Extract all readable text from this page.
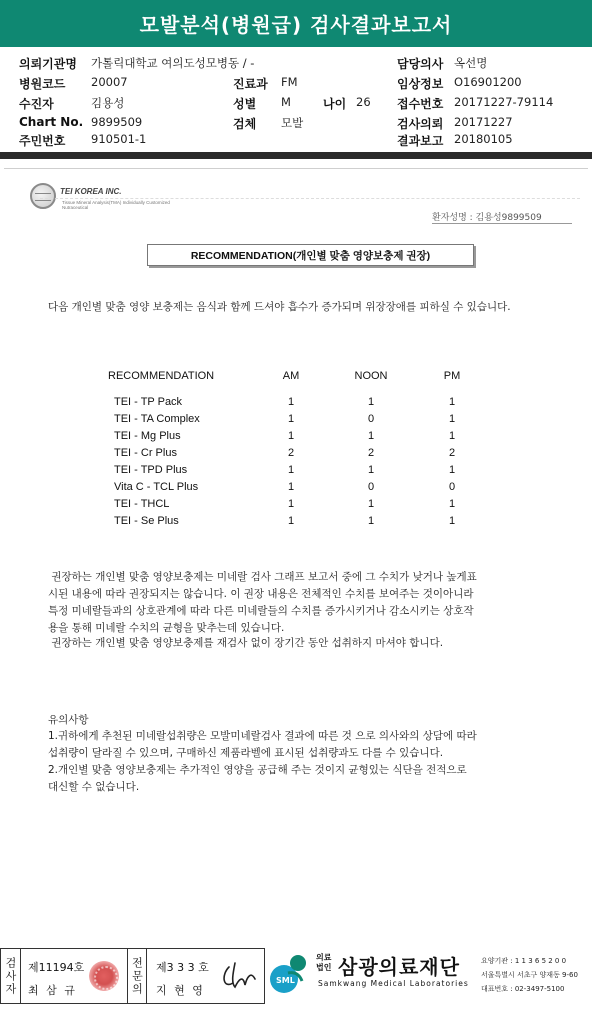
모발분석(병원급) 검사결과보고서
의뢰기관명 가톨릭대학교 여의도성모병동 / -
병원코드 20007
수진자	김용성
Chart No. 9899509
주민번호 910501-1
진료과 FM
성별 M	나이 26
검체 모발
담당의사 옥선명
임상정보 O16901200
접수번호 20171227-79114
검사의뢰 20171227
결과보고 20180105
TEI KOREA INC.
Tissue Mineral Analysis(TMA) Individually Customized Nutraceutical
환자성명 : 김용성9899509
RECOMMENDATION(개인별 맞춤 영양보충제 권장)
다음 개인별 맞춤 영양 보충제는 음식과 함께 드셔야 흡수가 증가되며 위장장애를 피하실 수 있습니다.
RECOMMENDATION	AM	NOON	PM
TEI - TP Pack	1	1	1
TEI - TA Complex	1	0	1
TEI - Mg Plus	1	1	1
TEI - Cr Plus	2	2	2
TEI - TPD Plus	1	1	1
Vita C - TCL Plus	1	0	0
TEI - THCL	1	1	1
TEI - Se Plus	1	1	1
권장하는 개인별 맞춤 영양보충제는 미네랄 검사 그래프 보고서 중에 그 수치가 낮거나 높게표
시된 내용에 따라 권장되지는 않습니다. 이 권장 내용은 전체적인 수치를 보여주는 것이아니라
특정 미네랄들과의 상호관계에 따라 다른 미네랄들의 수치를 증가시키거나 감소시키는 상호작
용을 통해 미네랄 수치의 균형을 맞추는데 있습니다.
권장하는 개인별 맞춤 영양보충제를 재검사 없이 장기간 동안 섭취하지 마셔야 합니다.
유의사항
1.귀하에게 추천된 미네랄섭취량은 모발미네랄검사 결과에 따른 것 으로 의사와의 상담에 따라
섭취량이 달라질 수 있으며, 구매하신 제품라벨에 표시된 섭취량과도 다를 수 있습니다.
2.개인별 맞춤 영양보충제는 추가적인 영양을 공급해 주는 것이지 균형있는 식단을 전적으로
대신할 수 없습니다.
검사자 제11194호
최 삼 규	전문의 제3 3 3 호
지 현 영
SML
의료
법인 삼광의료재단
Samkwang Medical Laboratories
요양기관 : 1 1 3 6 5 2 0 0
서울특별시 서초구 양재동 9-60
대표번호 : 02-3497-5100
